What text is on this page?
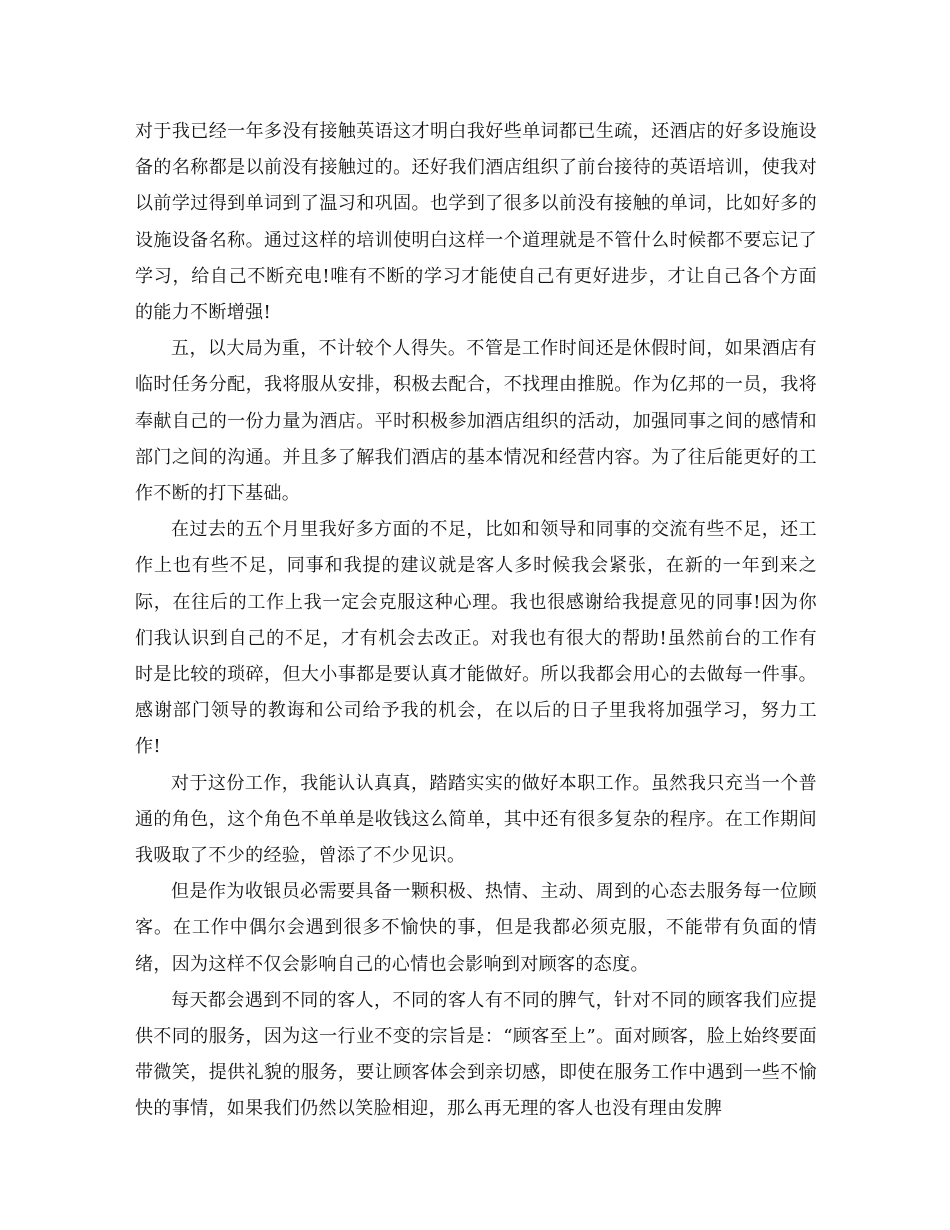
对于我已经一年多没有接触英语这才明白我好些单词都已生疏，还酒店的好多设施设备的名称都是以前没有接触过的。还好我们酒店组织了前台接待的英语培训，使我对以前学过得到单词到了温习和巩固。也学到了很多以前没有接触的单词，比如好多的设施设备名称。通过这样的培训使明白这样一个道理就是不管什么时候都不要忘记了学习，给自己不断充电!唯有不断的学习才能使自己有更好进步，才让自己各个方面的能力不断增强!

五，以大局为重，不计较个人得失。不管是工作时间还是休假时间，如果酒店有临时任务分配，我将服从安排，积极去配合，不找理由推脱。作为亿邦的一员，我将奉献自己的一份力量为酒店。平时积极参加酒店组织的活动，加强同事之间的感情和部门之间的沟通。并且多了解我们酒店的基本情况和经营内容。为了往后能更好的工作不断的打下基础。

在过去的五个月里我好多方面的不足，比如和领导和同事的交流有些不足，还工作上也有些不足，同事和我提的建议就是客人多时候我会紧张，在新的一年到来之际，在往后的工作上我一定会克服这种心理。我也很感谢给我提意见的同事!因为你们我认识到自己的不足，才有机会去改正。对我也有很大的帮助!虽然前台的工作有时是比较的琐碎，但大小事都是要认真才能做好。所以我都会用心的去做每一件事。感谢部门领导的教诲和公司给予我的机会，在以后的日子里我将加强学习，努力工作!

对于这份工作，我能认认真真，踏踏实实的做好本职工作。虽然我只充当一个普通的角色，这个角色不单单是收钱这么简单，其中还有很多复杂的程序。在工作期间我吸取了不少的经验，曾添了不少见识。

但是作为收银员必需要具备一颗积极、热情、主动、周到的心态去服务每一位顾客。在工作中偶尔会遇到很多不愉快的事，但是我都必须克服，不能带有负面的情绪，因为这样不仅会影响自己的心情也会影响到对顾客的态度。

每天都会遇到不同的客人，不同的客人有不同的脾气，针对不同的顾客我们应提供不同的服务，因为这一行业不变的宗旨是：“顾客至上”。面对顾客，脸上始终要面带微笑，提供礼貌的服务，要让顾客体会到亲切感，即使在服务工作中遇到一些不愉快的事情，如果我们仍然以笑脸相迎，那么再无理的客人也没有理由发脾
